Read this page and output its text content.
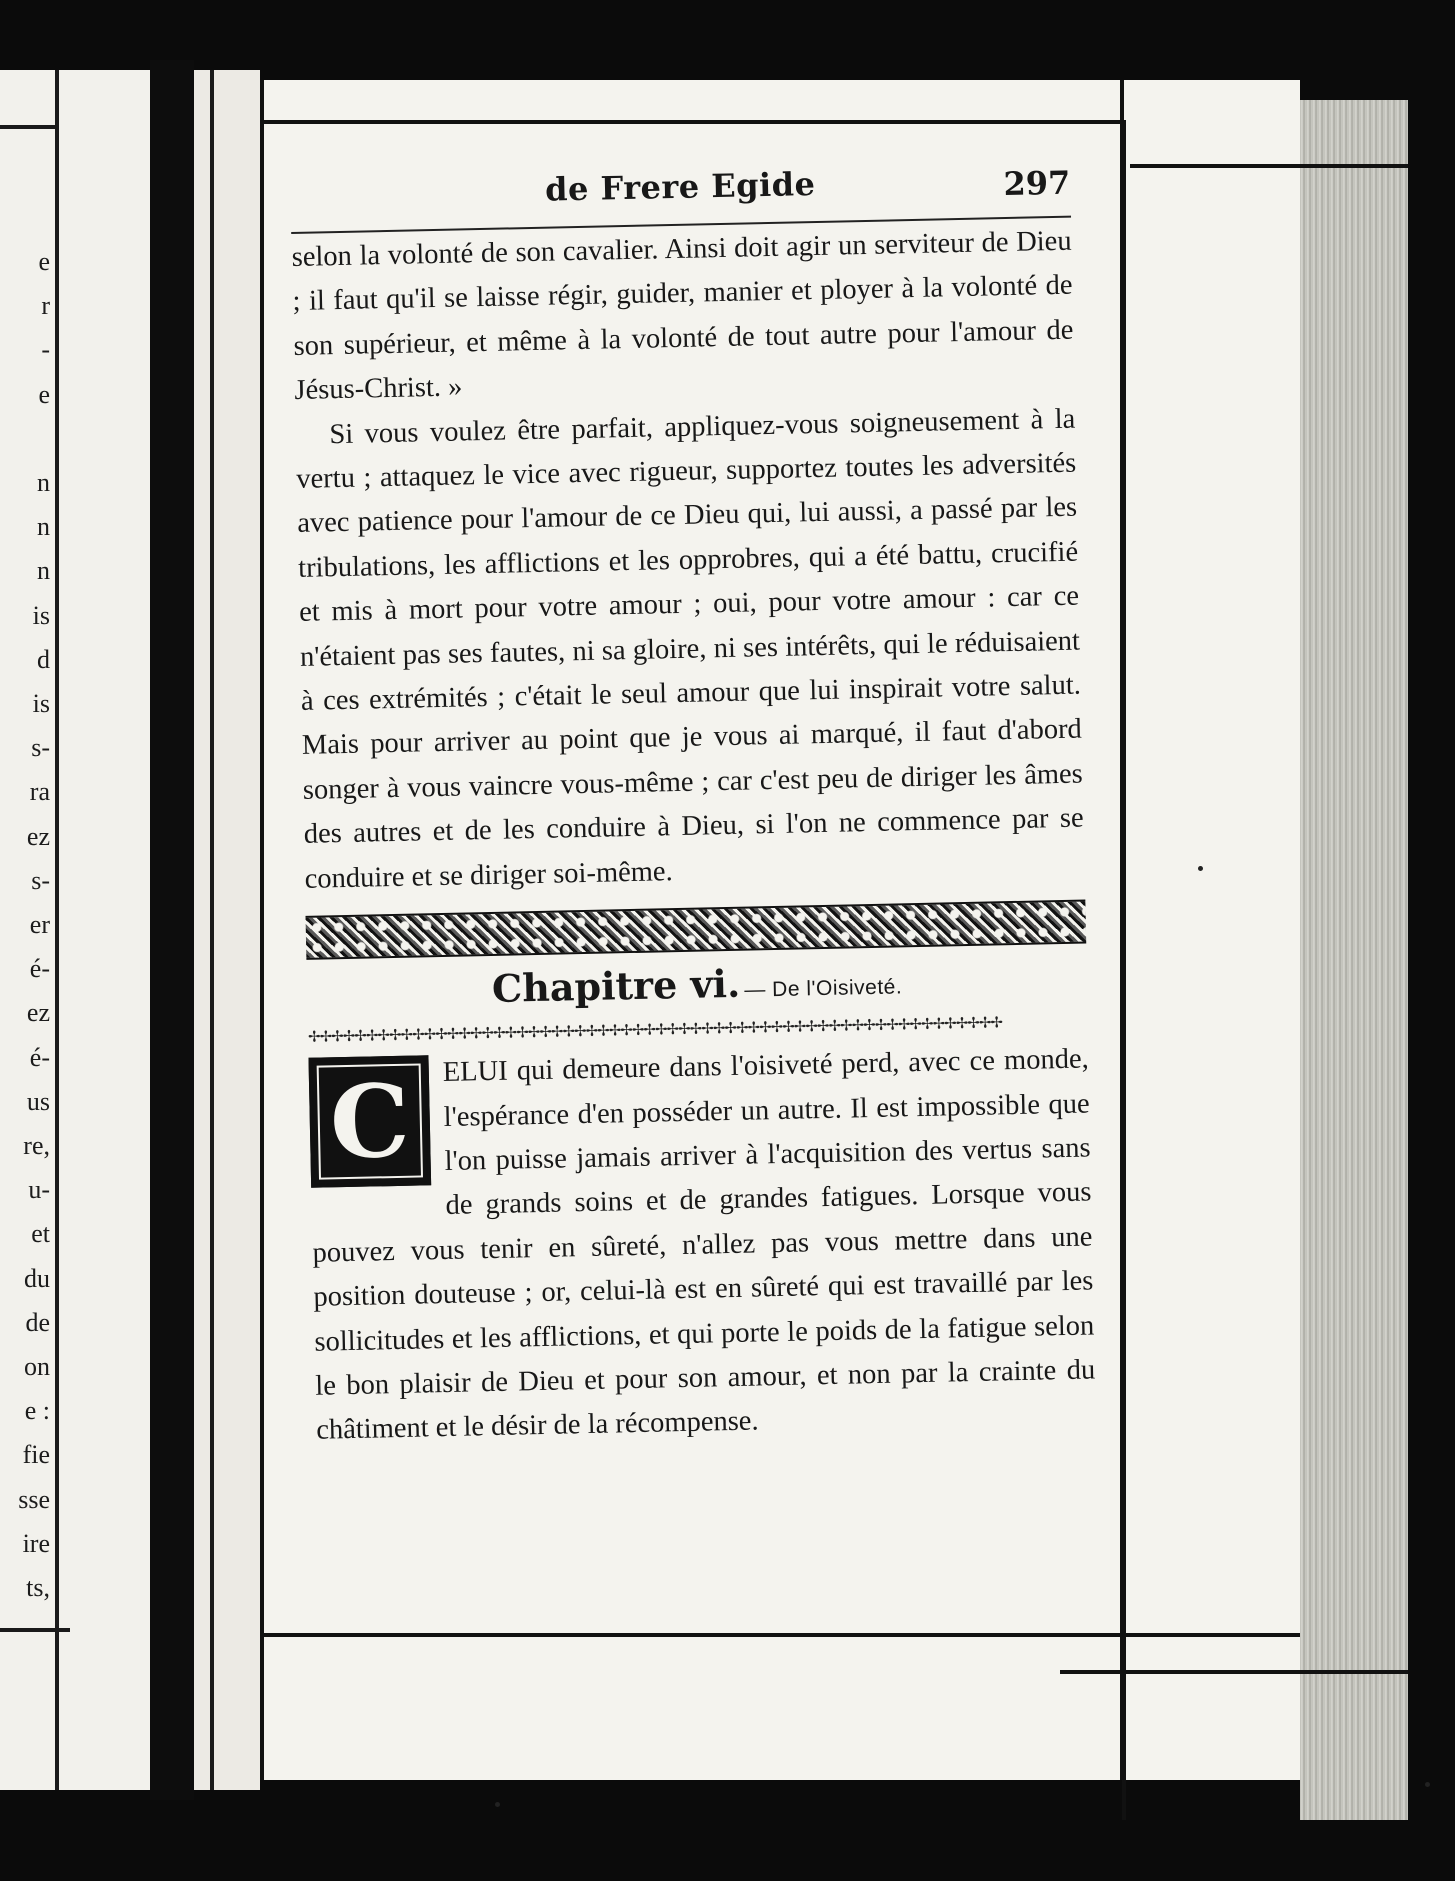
e
r
-
e

n
n
n
is
d
is
s-
ra
ez
s-
er
é-
ez
é-
us
re,
u-
et
du
de
on
e :
fie
sse
ire
ts,
de Frere Egide	297

selon la volonté de son cavalier. Ainsi doit agir un serviteur de Dieu ; il faut qu'il se laisse régir, guider, manier et ployer à la volonté de son supérieur, et même à la volonté de tout autre pour l'amour de Jésus-Christ. »

Si vous voulez être parfait, appliquez-vous soigneusement à la vertu ; attaquez le vice avec rigueur, supportez toutes les adversités avec patience pour l'amour de ce Dieu qui, lui aussi, a passé par les tribulations, les afflictions et les opprobres, qui a été battu, crucifié et mis à mort pour votre amour ; oui, pour votre amour : car ce n'étaient pas ses fautes, ni sa gloire, ni ses intérêts, qui le réduisaient à ces extrémités ; c'était le seul amour que lui inspirait votre salut. Mais pour arriver au point que je vous ai marqué, il faut d'abord songer à vous vaincre vous-même ; car c'est peu de diriger les âmes des autres et de les conduire à Dieu, si l'on ne commence par se conduire et se diriger soi-même.

Chapitre vi. — De l'Oisiveté.
✢✢✢✢✢✢✢✢✢✢✢✢✢✢✢✢✢✢✢✢✢✢✢✢✢✢✢✢✢✢✢✢✢✢✢✢✢✢✢✢✢✢✢✢✢✢✢✢✢✢✢✢✢✢✢✢✢✢✢✢
C	ELUI qui demeure dans l'oisiveté perd, avec ce monde, l'espérance d'en posséder un autre. Il est impossible que l'on puisse jamais arriver à l'acquisition des vertus sans de grands soins et de grandes fatigues. Lorsque vous pouvez vous tenir en sûreté, n'allez pas vous mettre dans une position douteuse ; or, celui-là est en sûreté qui est travaillé par les sollicitudes et les afflictions, et qui porte le poids de la fatigue selon le bon plaisir de Dieu et pour son amour, et non par la crainte du châtiment et le désir de la récompense.
